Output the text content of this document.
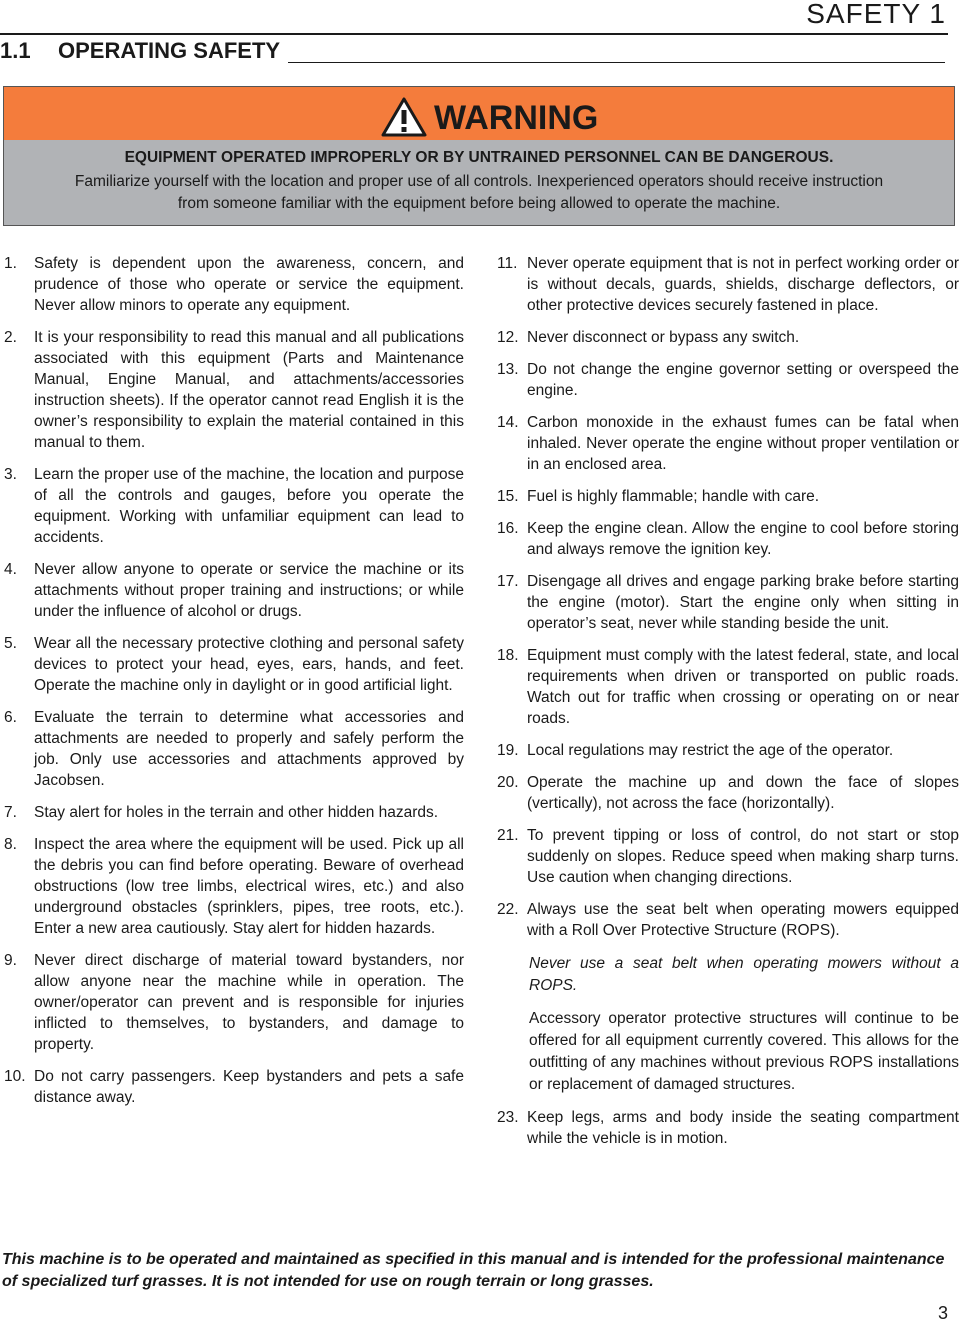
SAFETY 1
1.1 OPERATING SAFETY
WARNING
EQUIPMENT OPERATED IMPROPERLY OR BY UNTRAINED PERSONNEL CAN BE DANGEROUS.
Familiarize yourself with the location and proper use of all controls. Inexperienced operators should receive instruction from someone familiar with the equipment before being allowed to operate the machine.
1. Safety is dependent upon the awareness, concern, and prudence of those who operate or service the equipment. Never allow minors to operate any equipment.
2. It is your responsibility to read this manual and all publications associated with this equipment (Parts and Maintenance Manual, Engine Manual, and attachments/accessories instruction sheets). If the operator cannot read English it is the owner’s responsibility to explain the material contained in this manual to them.
3. Learn the proper use of the machine, the location and purpose of all the controls and gauges, before you operate the equipment. Working with unfamiliar equipment can lead to accidents.
4. Never allow anyone to operate or service the machine or its attachments without proper training and instructions; or while under the influence of alcohol or drugs.
5. Wear all the necessary protective clothing and personal safety devices to protect your head, eyes, ears, hands, and feet. Operate the machine only in daylight or in good artificial light.
6. Evaluate the terrain to determine what accessories and attachments are needed to properly and safely perform the job. Only use accessories and attachments approved by Jacobsen.
7. Stay alert for holes in the terrain and other hidden hazards.
8. Inspect the area where the equipment will be used. Pick up all the debris you can find before operating. Beware of overhead obstructions (low tree limbs, electrical wires, etc.) and also underground obstacles (sprinklers, pipes, tree roots, etc.). Enter a new area cautiously. Stay alert for hidden hazards.
9. Never direct discharge of material toward bystanders, nor allow anyone near the machine while in operation. The owner/operator can prevent and is responsible for injuries inflicted to themselves, to bystanders, and damage to property.
10. Do not carry passengers. Keep bystanders and pets a safe distance away.
11. Never operate equipment that is not in perfect working order or is without decals, guards, shields, discharge deflectors, or other protective devices securely fastened in place.
12. Never disconnect or bypass any switch.
13. Do not change the engine governor setting or overspeed the engine.
14. Carbon monoxide in the exhaust fumes can be fatal when inhaled. Never operate the engine without proper ventilation or in an enclosed area.
15. Fuel is highly flammable; handle with care.
16. Keep the engine clean. Allow the engine to cool before storing and always remove the ignition key.
17. Disengage all drives and engage parking brake before starting the engine (motor). Start the engine only when sitting in operator’s seat, never while standing beside the unit.
18. Equipment must comply with the latest federal, state, and local requirements when driven or transported on public roads. Watch out for traffic when crossing or operating on or near roads.
19. Local regulations may restrict the age of the operator.
20. Operate the machine up and down the face of slopes (vertically), not across the face (horizontally).
21. To prevent tipping or loss of control, do not start or stop suddenly on slopes. Reduce speed when making sharp turns. Use caution when changing directions.
22. Always use the seat belt when operating mowers equipped with a Roll Over Protective Structure (ROPS).
Never use a seat belt when operating mowers without a ROPS.
Accessory operator protective structures will continue to be offered for all equipment currently covered. This allows for the outfitting of any machines without previous ROPS installations or replacement of damaged structures.
23. Keep legs, arms and body inside the seating compartment while the vehicle is in motion.
This machine is to be operated and maintained as specified in this manual and is intended for the professional maintenance of specialized turf grasses. It is not intended for use on rough terrain or long grasses.
3
